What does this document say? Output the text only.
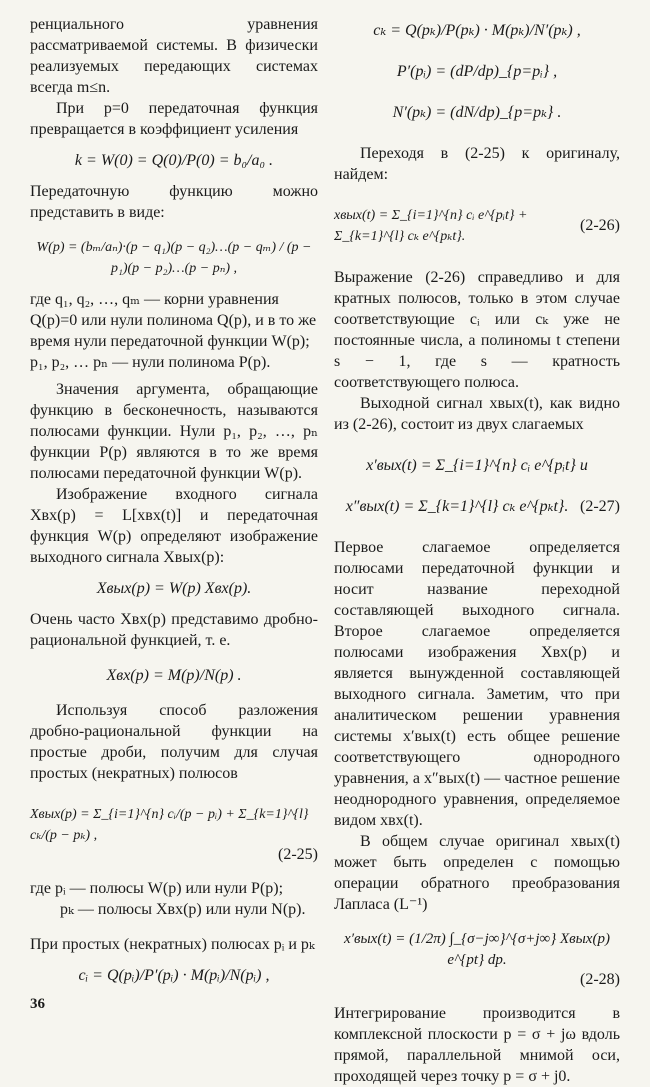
ренциального уравнения рассматриваемой системы. В физически реализуемых передающих системах всегда m≤n.

При p=0 передаточная функция превращается в коэффициент усиления

k = W(0) = Q(0)/P(0) = b₀/a₀ .

Передаточную функцию можно представить в виде:

W(p) = (bₘ/aₙ)·(p − q₁)(p − q₂)…(p − qₘ) / (p − p₁)(p − p₂)…(p − pₙ) ,

где q₁, q₂, …, qₘ — корни уравнения Q(p)=0 или нули полинома Q(p), и в то же время нули передаточной функции W(p);

p₁, p₂, … pₙ — нули полинома P(p).

Значения аргумента, обращающие функцию в бесконечность, называются полюсами функции. Нули p₁, p₂, …, pₙ функции P(p) являются в то же время полюсами передаточной функции W(p).

Изображение входного сигнала Xвх(p) = L[xвх(t)] и передаточная функция W(p) определяют изображение выходного сигнала Xвых(p):

Xвых(p) = W(p) Xвх(p).

Очень часто Xвх(p) представимо дробно-рациональной функцией, т. е.

Xвх(p) = M(p)/N(p) .

Используя способ разложения дробно-рациональной функции на простые дроби, получим для случая простых (некратных) полюсов

Xвых(p) = Σ_{i=1}^{n} cᵢ/(p − pᵢ) + Σ_{k=1}^{l} cₖ/(p − pₖ) ,
(2-25)

где pᵢ — полюсы W(p) или нули P(p);

pₖ — полюсы Xвх(p) или нули N(p).

При простых (некратных) полюсах pᵢ и pₖ

cᵢ = Q(pᵢ)/P′(pᵢ) · M(pᵢ)/N(pᵢ) ,

cₖ = Q(pₖ)/P(pₖ) · M(pₖ)/N′(pₖ) ,

P′(pᵢ) = (dP/dp)_{p=pᵢ} ,

N′(pₖ) = (dN/dp)_{p=pₖ} .

Переходя в (2-25) к оригиналу, найдем:

xвых(t) = Σ_{i=1}^{n} cᵢ e^{pᵢt} + Σ_{k=1}^{l} cₖ e^{pₖt}.
(2-26)

Выражение (2-26) справедливо и для кратных полюсов, только в этом случае соответствующие cᵢ или cₖ уже не постоянные числа, а полиномы t степени s − 1, где s — кратность соответствующего полюса.

Выходной сигнал xвых(t), как видно из (2-26), состоит из двух слагаемых

x′вых(t) = Σ_{i=1}^{n} cᵢ e^{pᵢt} и

x″вых(t) = Σ_{k=1}^{l} cₖ e^{pₖt}. (2-27)

Первое слагаемое определяется полюсами передаточной функции и носит название переходной составляющей выходного сигнала. Второе слагаемое определяется полюсами изображения Xвх(p) и является вынужденной составляющей выходного сигнала. Заметим, что при аналитическом решении уравнения системы x′вых(t) есть общее решение соответствующего однородного уравнения, а x″вых(t) — частное решение неоднородного уравнения, определяемое видом xвх(t).

В общем случае оригинал xвых(t) может быть определен с помощью операции обратного преобразования Лапласа (L⁻¹)

x′вых(t) = (1/2π) ∫_{σ−j∞}^{σ+j∞} Xвых(p) e^{pt} dp.

(2-28)

Интегрирование производится в комплексной плоскости p = σ + jω вдоль прямой, параллельной мнимой оси, проходящей через точку p = σ + j0.

36
